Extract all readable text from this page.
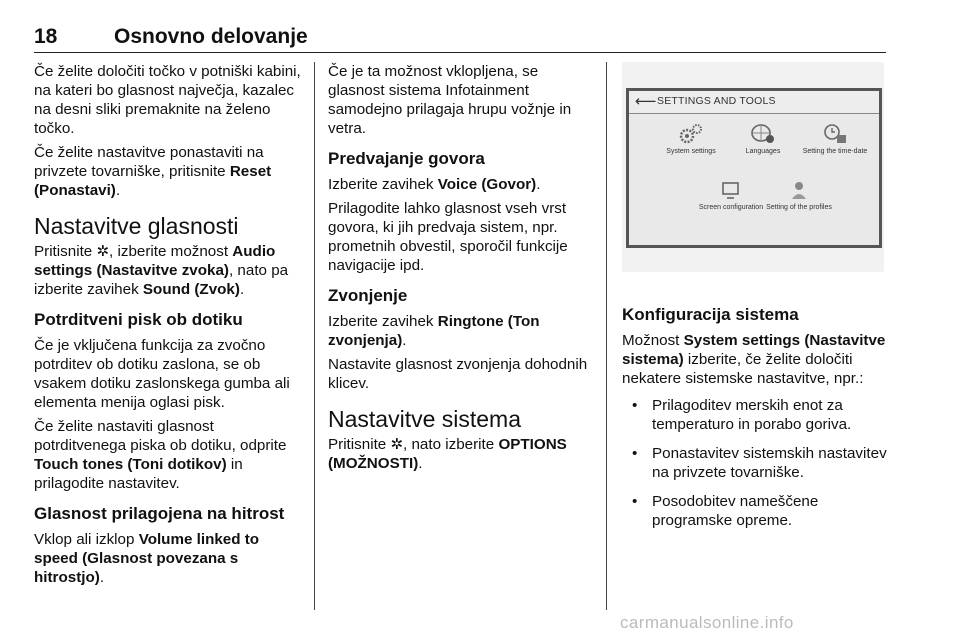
18	Osnovno delovanje

Če želite določiti točko v potniški kabini, na kateri bo glasnost največja, kazalec na desni sliki premaknite na želeno točko.

Če želite nastavitve ponastaviti na privzete tovarniške, pritisnite Reset (Ponastavi).

Nastavitve glasnosti

Pritisnite ✲, izberite možnost Audio settings (Nastavitve zvoka), nato pa izberite zavihek Sound (Zvok).

Potrditveni pisk ob dotiku

Če je vključena funkcija za zvočno potrditev ob dotiku zaslona, se ob vsakem dotiku zaslonskega gumba ali elementa menija oglasi pisk.

Če želite nastaviti glasnost potrditvenega piska ob dotiku, odprite Touch tones (Toni dotikov) in prilagodite nastavitev.

Glasnost prilagojena na hitrost

Vklop ali izklop Volume linked to speed (Glasnost povezana s hitrostjo).

Če je ta možnost vklopljena, se glasnost sistema Infotainment samodejno prilagaja hrupu vožnje in vetra.

Predvajanje govora

Izberite zavihek Voice (Govor).

Prilagodite lahko glasnost vseh vrst govora, ki jih predvaja sistem, npr. prometnih obvestil, sporočil funkcije navigacije ipd.

Zvonjenje

Izberite zavihek Ringtone (Ton zvonjenja).

Nastavite glasnost zvonjenja dohodnih klicev.

Nastavitve sistema

Pritisnite ✲, nato izberite OPTIONS (MOŽNOSTI).

⟵ SETTINGS AND TOOLS
System settings	Languages	Setting the time-date
Screen configuration Setting of the profiles
Konfiguracija sistema

Možnost System settings (Nastavitve sistema) izberite, če želite določiti nekatere sistemske nastavitve, npr.:

• Prilagoditev merskih enot za temperaturo in porabo goriva.
• Ponastavitev sistemskih nastavitev na privzete tovarniške.
• Posodobitev nameščene programske opreme.
carmanualsonline.info
